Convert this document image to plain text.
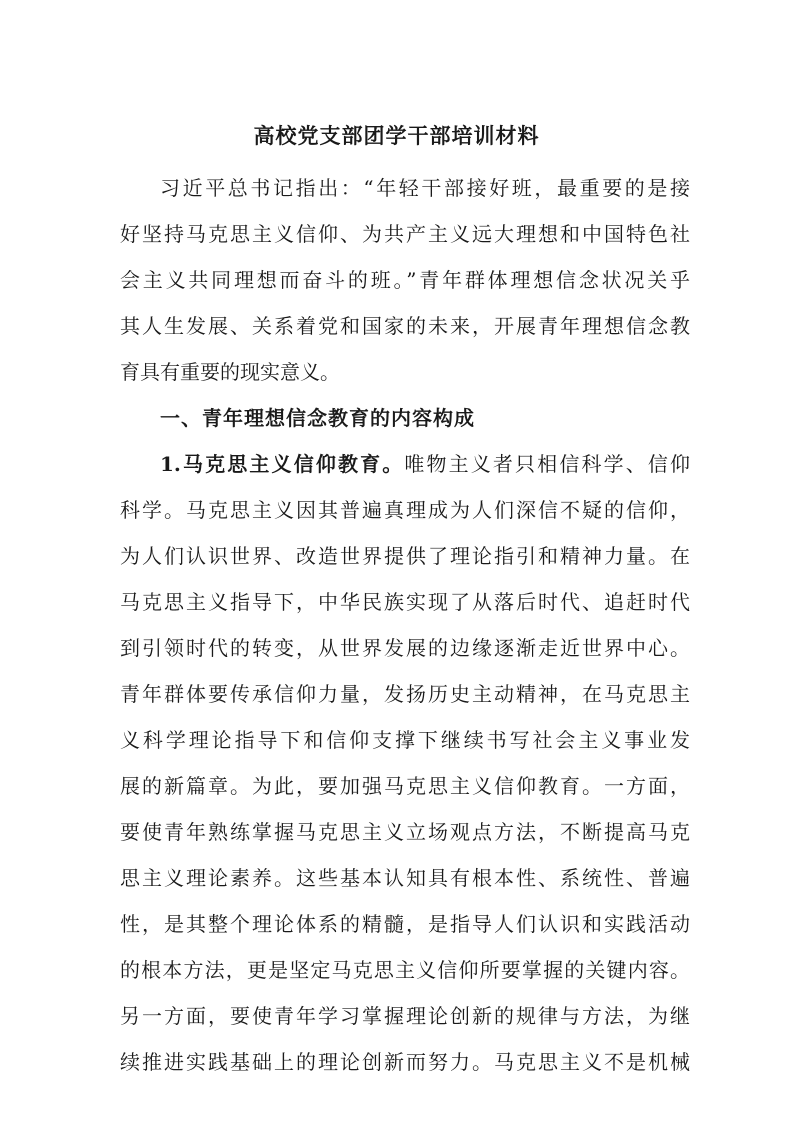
高校党支部团学干部培训材料
习近平总书记指出：“年轻干部接好班，最重要的是接
好坚持马克思主义信仰、为共产主义远大理想和中国特色社
会主义共同理想而奋斗的班。”青年群体理想信念状况关乎
其人生发展、关系着党和国家的未来，开展青年理想信念教
育具有重要的现实意义。
一、青年理想信念教育的内容构成
1.马克思主义信仰教育。唯物主义者只相信科学、信仰
科学。马克思主义因其普遍真理成为人们深信不疑的信仰，
为人们认识世界、改造世界提供了理论指引和精神力量。在
马克思主义指导下，中华民族实现了从落后时代、追赶时代
到引领时代的转变，从世界发展的边缘逐渐走近世界中心。
青年群体要传承信仰力量，发扬历史主动精神，在马克思主
义科学理论指导下和信仰支撑下继续书写社会主义事业发
展的新篇章。为此，要加强马克思主义信仰教育。一方面，
要使青年熟练掌握马克思主义立场观点方法，不断提高马克
思主义理论素养。这些基本认知具有根本性、系统性、普遍
性，是其整个理论体系的精髓，是指导人们认识和实践活动
的根本方法，更是坚定马克思主义信仰所要掌握的关键内容。
另一方面，要使青年学习掌握理论创新的规律与方法，为继
续推进实践基础上的理论创新而努力。马克思主义不是机械
